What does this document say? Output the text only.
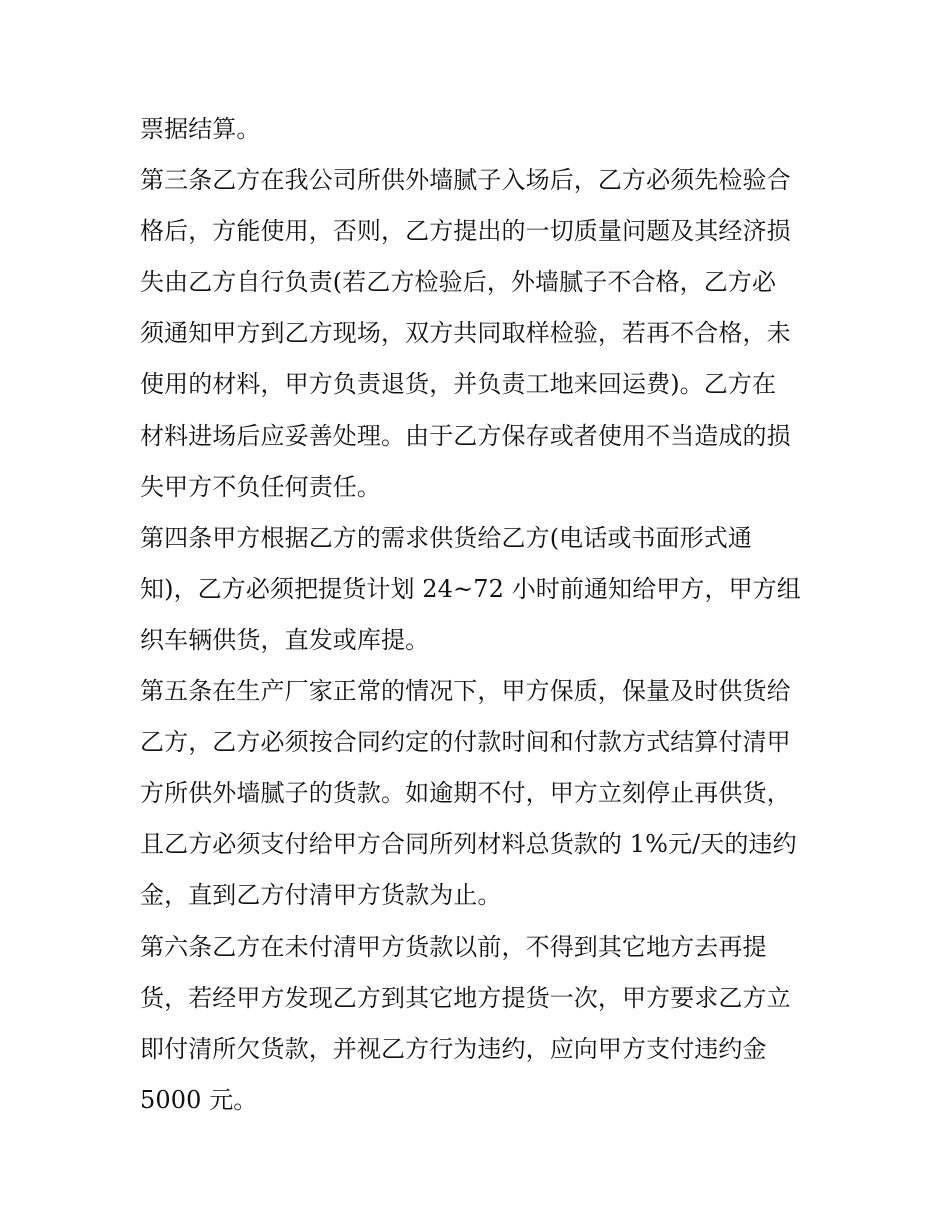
票据结算。
第三条乙方在我公司所供外墙腻子入场后，乙方必须先检验合
格后，方能使用，否则，乙方提出的一切质量问题及其经济损
失由乙方自行负责(若乙方检验后，外墙腻子不合格，乙方必
须通知甲方到乙方现场，双方共同取样检验，若再不合格，未
使用的材料，甲方负责退货，并负责工地来回运费)。乙方在
材料进场后应妥善处理。由于乙方保存或者使用不当造成的损
失甲方不负任何责任。
第四条甲方根据乙方的需求供货给乙方(电话或书面形式通
知)，乙方必须把提货计划 24~72 小时前通知给甲方，甲方组
织车辆供货，直发或库提。
第五条在生产厂家正常的情况下，甲方保质，保量及时供货给
乙方，乙方必须按合同约定的付款时间和付款方式结算付清甲
方所供外墙腻子的货款。如逾期不付，甲方立刻停止再供货，
且乙方必须支付给甲方合同所列材料总货款的 1%元/天的违约
金，直到乙方付清甲方货款为止。
第六条乙方在未付清甲方货款以前，不得到其它地方去再提
货，若经甲方发现乙方到其它地方提货一次，甲方要求乙方立
即付清所欠货款，并视乙方行为违约，应向甲方支付违约金
5000 元。
